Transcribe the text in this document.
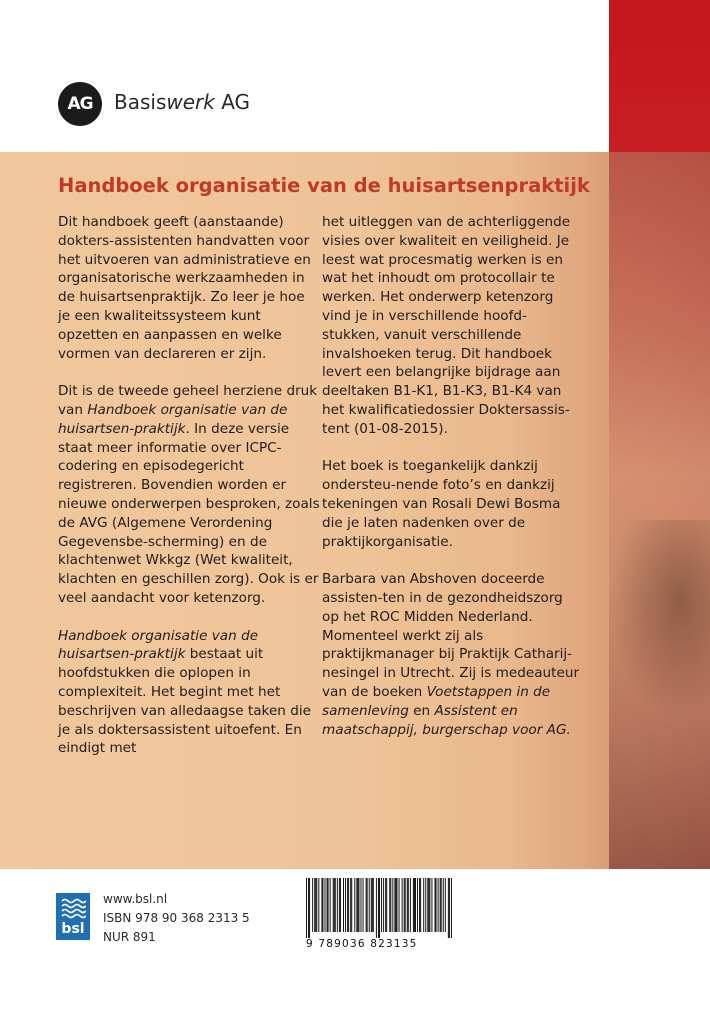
AG	Basiswerk AG
Handboek organisatie van de huisartsenpraktijk

Dit handboek geeft (aanstaande) dokters-assistenten handvatten voor het uitvoeren van administratieve en organisatorische werkzaamheden in de huisartsenpraktijk. Zo leer je hoe je een kwaliteitssysteem kunt opzetten en aanpassen en welke vormen van declareren er zijn.

Dit is de tweede geheel herziene druk van Handboek organisatie van de huisartsen-praktijk. In deze versie staat meer informatie over ICPC-codering en episodegericht registreren. Bovendien worden er nieuwe onderwerpen besproken, zoals de AVG (Algemene Verordening Gegevensbe-scherming) en de klachtenwet Wkkgz (Wet kwaliteit, klachten en geschillen zorg). Ook is er veel aandacht voor ketenzorg.

Handboek organisatie van de huisartsen-praktijk bestaat uit hoofdstukken die oplopen in complexiteit. Het begint met het beschrijven van alledaagse taken die je als doktersassistent uitoefent. En eindigt met

het uitleggen van de achterliggende visies over kwaliteit en veiligheid. Je leest wat procesmatig werken is en wat het inhoudt om protocollair te werken. Het onderwerp ketenzorg vind je in verschillende hoofd-stukken, vanuit verschillende invalshoeken terug. Dit handboek levert een belangrijke bijdrage aan deeltaken B1-K1, B1-K3, B1-K4 van het kwalificatiedossier Doktersassis-tent (01-08-2015).

Het boek is toegankelijk dankzij ondersteu-nende foto’s en dankzij tekeningen van Rosali Dewi Bosma die je laten nadenken over de praktijkorganisatie.

Barbara van Abshoven doceerde assisten-ten in de gezondheidszorg op het ROC Midden Nederland. Momenteel werkt zij als praktijkmanager bij Praktijk Catharij-nesingel in Utrecht. Zij is medeauteur van de boeken Voetstappen in de samenleving en Assistent en maatschappij, burgerschap voor AG.

bsl
www.bsl.nl
ISBN 978 90 368 2313 5
NUR 891	9 789036 823135
